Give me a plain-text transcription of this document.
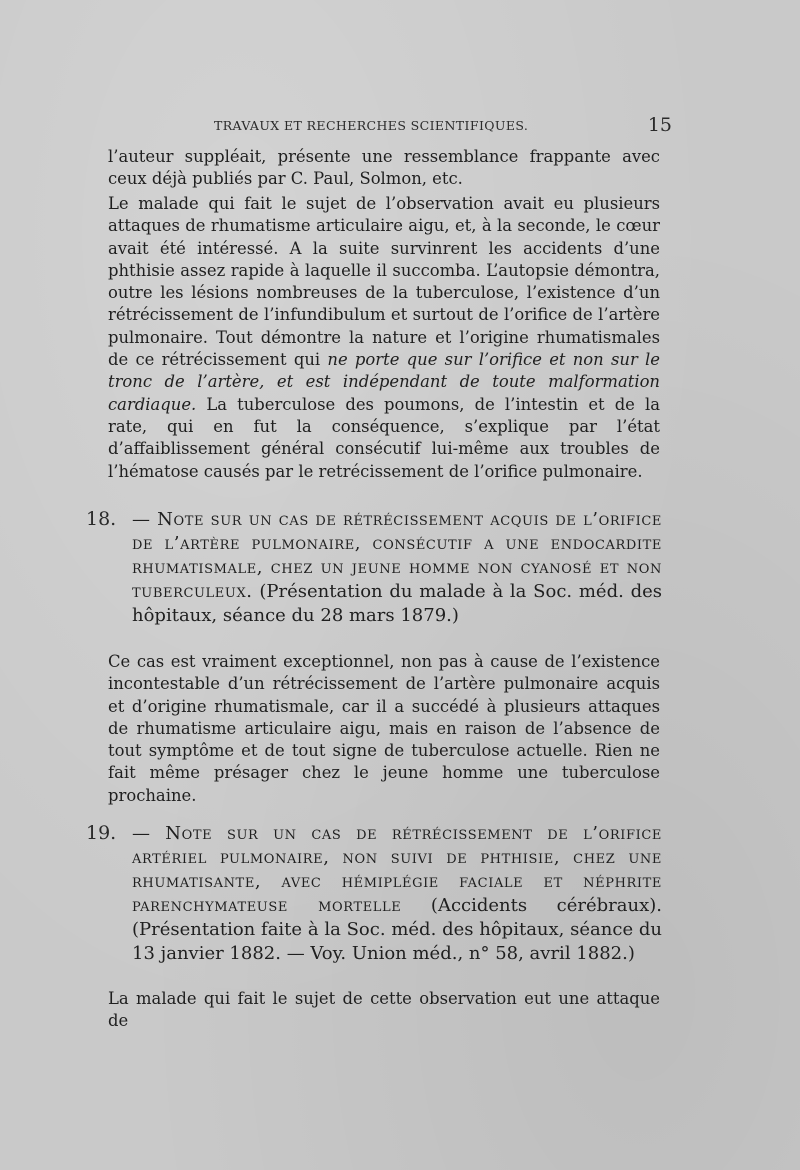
TRAVAUX ET RECHERCHES SCIENTIFIQUES.	15
l’auteur suppléait, présente une ressemblance frappante avec ceux déjà publiés par C. Paul, Solmon, etc.
Le malade qui fait le sujet de l’observation avait eu plusieurs attaques de rhumatisme articulaire aigu, et, à la seconde, le cœur avait été intéressé. A la suite survinrent les accidents d’une phthisie assez rapide à laquelle il succomba. L’autopsie démontra, outre les lésions nombreuses de la tuberculose, l’existence d’un rétrécissement de l’infundibulum et surtout de l’orifice de l’artère pulmonaire. Tout démontre la nature et l’origine rhumatismales de ce rétrécissement qui ne porte que sur l’orifice et non sur le tronc de l’artère, et est indépendant de toute malformation cardiaque. La tuberculose des poumons, de l’intestin et de la rate, qui en fut la conséquence, s’explique par l’état d’affaiblissement général consécutif lui-même aux troubles de l’hématose causés par le retrécissement de l’orifice pulmonaire.
18. — Note sur un cas de rétrécissement acquis de l’orifice de l’artère pulmonaire, consécutif a une endocardite rhumatismale, chez un jeune homme non cyanosé et non tuberculeux. (Présentation du malade à la Soc. méd. des hôpitaux, séance du 28 mars 1879.)
Ce cas est vraiment exceptionnel, non pas à cause de l’existence incontestable d’un rétrécissement de l’artère pulmonaire acquis et d’origine rhumatismale, car il a succédé à plusieurs attaques de rhumatisme articulaire aigu, mais en raison de l’absence de tout symptôme et de tout signe de tuberculose actuelle. Rien ne fait même présager chez le jeune homme une tuberculose prochaine.
19. — Note sur un cas de rétrécissement de l’orifice artériel pulmonaire, non suivi de phthisie, chez une rhumatisante, avec hémiplégie faciale et néphrite parenchymateuse mortelle (Accidents cérébraux). (Présentation faite à la Soc. méd. des hôpitaux, séance du 13 janvier 1882. — Voy. Union méd., n° 58, avril 1882.)
La malade qui fait le sujet de cette observation eut une attaque de
